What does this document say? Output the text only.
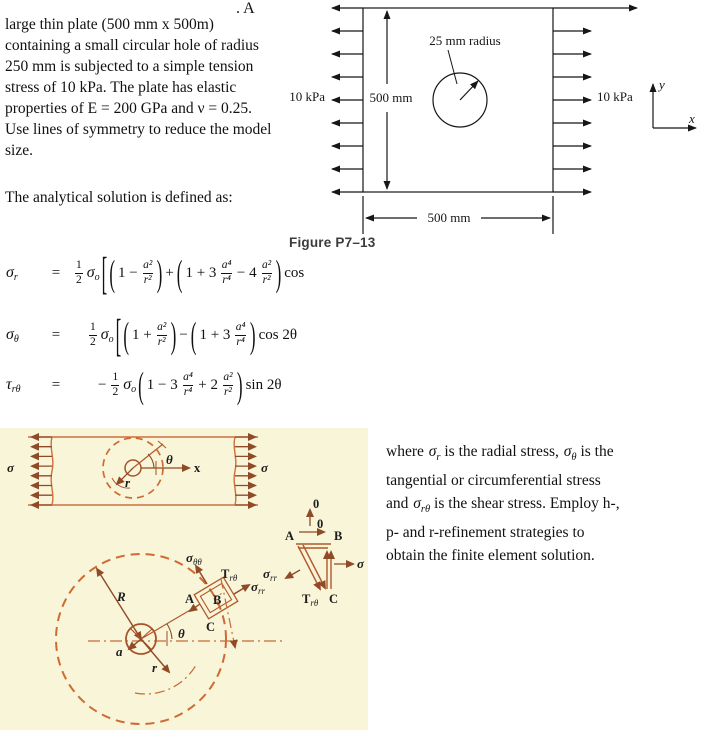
. A
large thin plate (500 mm x 500m)
containing a small circular hole of radius
250 mm is subjected to a simple tension
stress of 10 kPa. The plate has elastic
properties of E = 200 GPa and ν = 0.25.
Use lines of symmetry to reduce the model
size.
The analytical solution is defined as:
10 kPa	10 kPa
500 mm
25 mm radius
500 mm
y
x
Figure P7–13
σ r	=	$\frac{1}{2}$ σ o [ ( $1 - \frac{\text{a²}}{\text{r²}}$ ) + ( $1 + 3 \frac{\text{a⁴}}{\text{r⁴}} - 4 \frac{\text{a²}}{\text{r²}}$ ) cos
σ θ	=	$\frac{1}{2}$ σ o [ ( $1 + \frac{\text{a²}}{\text{r²}}$ ) − ( $1 + 3 \frac{\text{a⁴}}{\text{r⁴}}$ ) cos 2θ
τ rθ	=	− $\frac{1}{2}$ σ o ( $1 - 3 \frac{\text{a⁴}}{\text{r⁴}} + 2 \frac{\text{a²}}{\text{r²}}$ ) sin 2θ
σ	σ
x
θ
r
R
a
r
θ
A B
C
σθθ
Trθ
σrr
0
0
A	B
C
σ
σrr
Trθ
where $\sigma_r$ is the radial stress, $\sigma_\theta$ is the
tangential or circumferential stress
and $\sigma_{r\theta}$ is the shear stress. Employ h-,
p- and r-refinement strategies to
obtain the finite element solution.
